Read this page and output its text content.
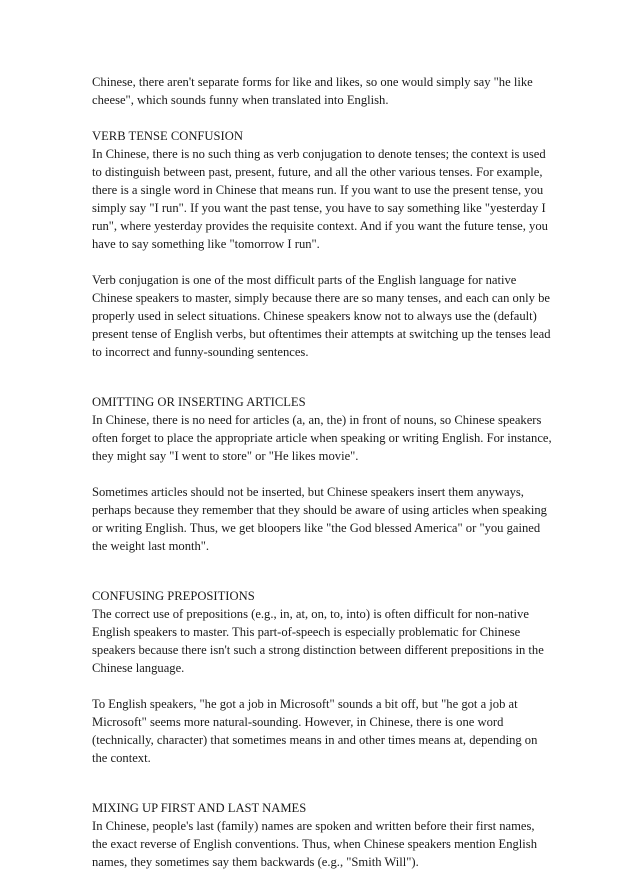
Chinese, there aren't separate forms for like and likes, so one would simply say "he like cheese", which sounds funny when translated into English.

VERB TENSE CONFUSION

In Chinese, there is no such thing as verb conjugation to denote tenses; the context is used to distinguish between past, present, future, and all the other various tenses. For example, there is a single word in Chinese that means run. If you want to use the present tense, you simply say "I run". If you want the past tense, you have to say something like "yesterday I run", where yesterday provides the requisite context. And if you want the future tense, you have to say something like "tomorrow I run".

Verb conjugation is one of the most difficult parts of the English language for native Chinese speakers to master, simply because there are so many tenses, and each can only be properly used in select situations. Chinese speakers know not to always use the (default) present tense of English verbs, but oftentimes their attempts at switching up the tenses lead to incorrect and funny-sounding sentences.

OMITTING OR INSERTING ARTICLES

In Chinese, there is no need for articles (a, an, the) in front of nouns, so Chinese speakers often forget to place the appropriate article when speaking or writing English. For instance, they might say "I went to store" or "He likes movie".

Sometimes articles should not be inserted, but Chinese speakers insert them anyways, perhaps because they remember that they should be aware of using articles when speaking or writing English. Thus, we get bloopers like "the God blessed America" or "you gained the weight last month".

CONFUSING PREPOSITIONS

The correct use of prepositions (e.g., in, at, on, to, into) is often difficult for non-native English speakers to master. This part-of-speech is especially problematic for Chinese speakers because there isn't such a strong distinction between different prepositions in the Chinese language.

To English speakers, "he got a job in Microsoft" sounds a bit off, but "he got a job at Microsoft" seems more natural-sounding. However, in Chinese, there is one word (technically, character) that sometimes means in and other times means at, depending on the context.

MIXING UP FIRST AND LAST NAMES

In Chinese, people's last (family) names are spoken and written before their first names, the exact reverse of English conventions. Thus, when Chinese speakers mention English names, they sometimes say them backwards (e.g., "Smith Will").
